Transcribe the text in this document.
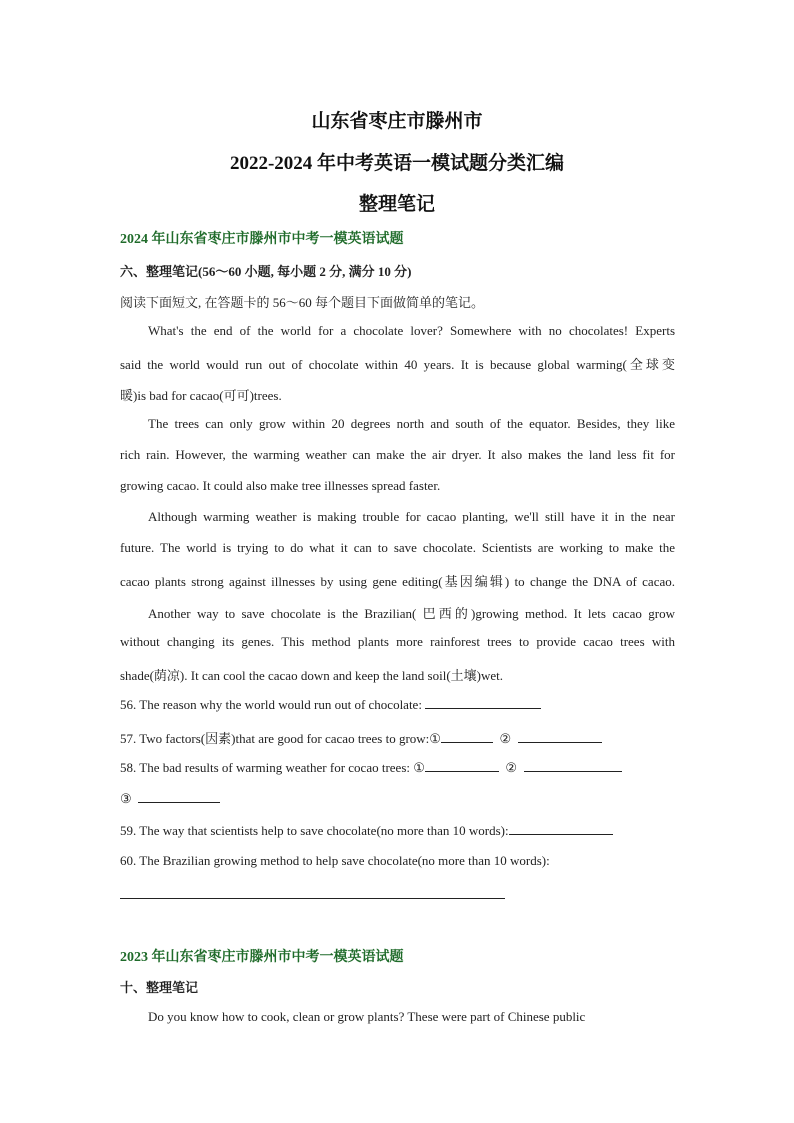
山东省枣庄市滕州市
2022-2024 年中考英语一模试题分类汇编
整理笔记
2024 年山东省枣庄市滕州市中考一模英语试题
六、整理笔记(56～60 小题, 每小题 2 分, 满分 10 分)
阅读下面短文, 在答题卡的 56～60 每个题目下面做简单的笔记。
What's the end of the world for a chocolate lover? Somewhere with no chocolates! Experts
said the world would run out of chocolate within 40 years. It is because global warming(全球变
暖)is bad for cacao(可可)trees.
The trees can only grow within 20 degrees north and south of the equator. Besides, they like
rich rain. However, the warming weather can make the air dryer. It also makes the land less fit for
growing cacao. It could also make tree illnesses spread faster.
Although warming weather is making trouble for cacao planting, we'll still have it in the near
future. The world is trying to do what it can to save chocolate. Scientists are working to make the
cacao plants strong against illnesses by using gene editing(基因编辑) to change the DNA of cacao.
Another way to save chocolate is the Brazilian( 巴西的)growing method. It lets cacao grow
without changing its genes. This method plants more rainforest trees to provide cacao trees with
shade(荫凉). It can cool the cacao down and keep the land soil(土壤)wet.
56. The reason why the world would run out of chocolate:
57. Two factors(因素)that are good for cacao trees to grow:①	②
58. The bad results of warming weather for cocao trees: ①	②
③
59. The way that scientists help to save chocolate(no more than 10 words):
60. The Brazilian growing method to help save chocolate(no more than 10 words):
2023 年山东省枣庄市滕州市中考一模英语试题
十、整理笔记
Do you know how to cook, clean or grow plants? These were part of Chinese public
